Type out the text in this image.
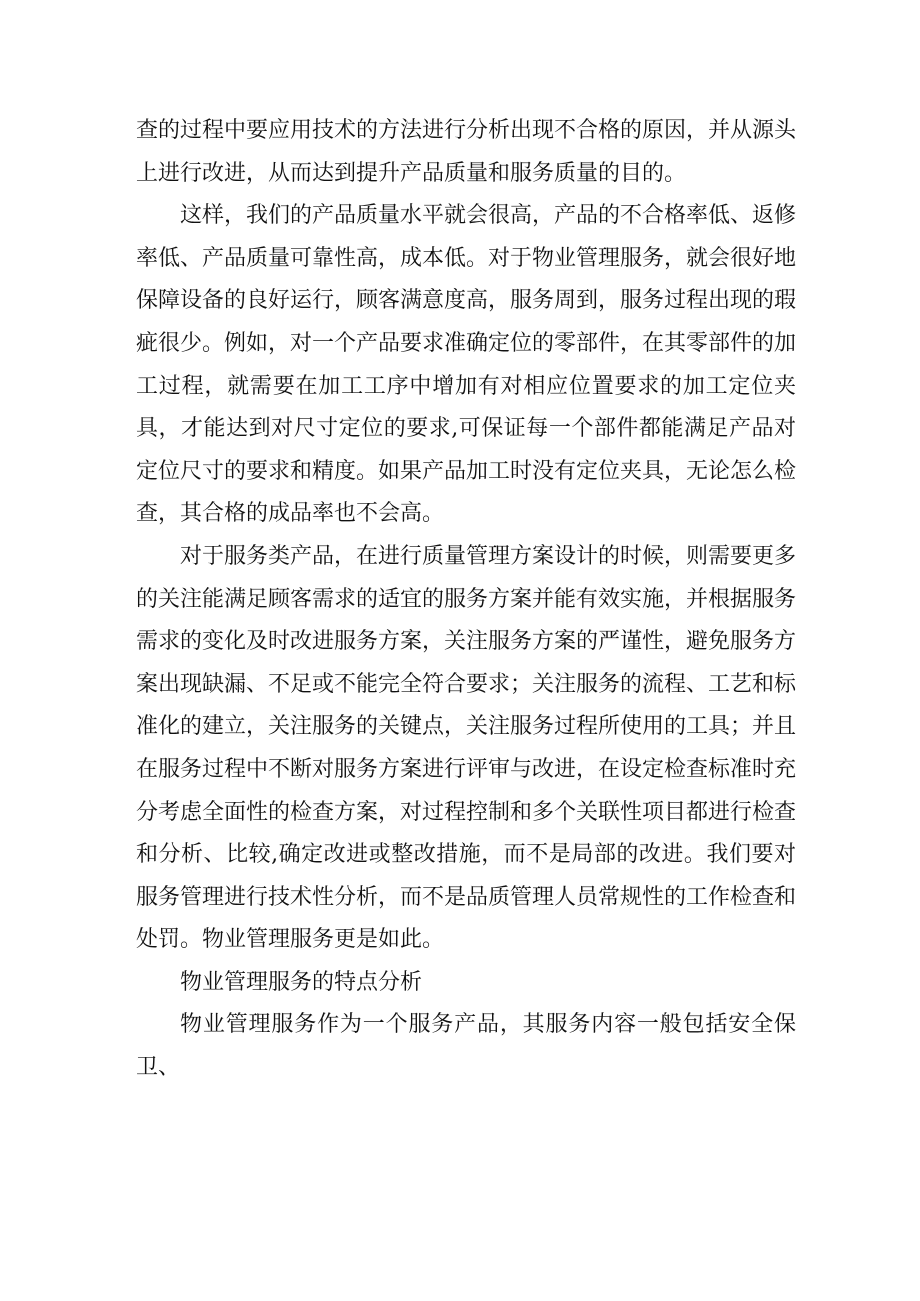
查的过程中要应用技术的方法进行分析出现不合格的原因，并从源头上进行改进，从而达到提升产品质量和服务质量的目的。

这样，我们的产品质量水平就会很高，产品的不合格率低、返修率低、产品质量可靠性高，成本低。对于物业管理服务，就会很好地保障设备的良好运行，顾客满意度高，服务周到，服务过程出现的瑕疵很少。例如，对一个产品要求准确定位的零部件，在其零部件的加工过程，就需要在加工工序中增加有对相应位置要求的加工定位夹具，才能达到对尺寸定位的要求,可保证每一个部件都能满足产品对定位尺寸的要求和精度。如果产品加工时没有定位夹具，无论怎么检查，其合格的成品率也不会高。

对于服务类产品，在进行质量管理方案设计的时候，则需要更多的关注能满足顾客需求的适宜的服务方案并能有效实施，并根据服务需求的变化及时改进服务方案，关注服务方案的严谨性，避免服务方案出现缺漏、不足或不能完全符合要求；关注服务的流程、工艺和标准化的建立，关注服务的关键点，关注服务过程所使用的工具；并且在服务过程中不断对服务方案进行评审与改进，在设定检查标准时充分考虑全面性的检查方案，对过程控制和多个关联性项目都进行检查和分析、比较,确定改进或整改措施，而不是局部的改进。我们要对服务管理进行技术性分析，而不是品质管理人员常规性的工作检查和处罚。物业管理服务更是如此。

物业管理服务的特点分析

物业管理服务作为一个服务产品，其服务内容一般包括安全保卫、
